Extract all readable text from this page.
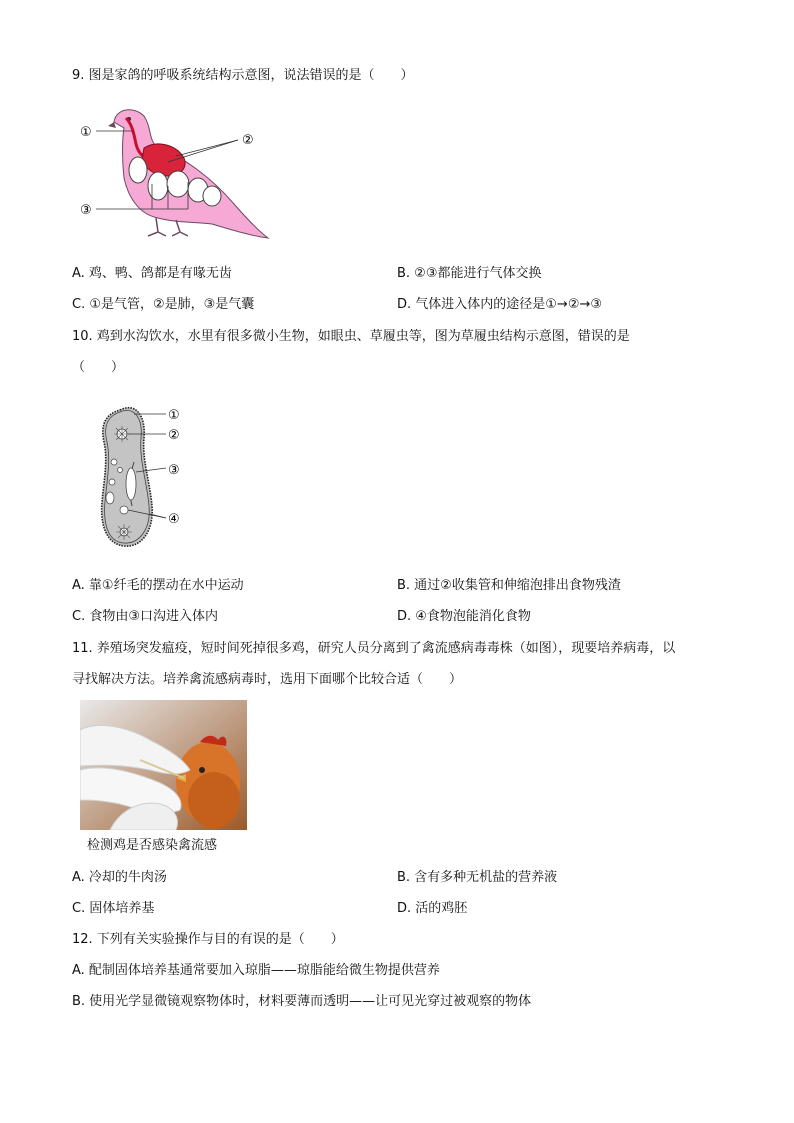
9. 图是家鸽的呼吸系统结构示意图，说法错误的是（　　）
①
②
③
A. 鸡、鸭、鸽都是有喙无齿	B. ②③都能进行气体交换
C. ①是气管，②是肺，③是气囊	D. 气体进入体内的途径是①→②→③
10. 鸡到水沟饮水，水里有很多微小生物，如眼虫、草履虫等，图为草履虫结构示意图，错误的是
（　　）
①
②
③
④
A. 靠①纤毛的摆动在水中运动	B. 通过②收集管和伸缩泡排出食物残渣
C. 食物由③口沟进入体内	D. ④食物泡能消化食物
11. 养殖场突发瘟疫，短时间死掉很多鸡，研究人员分离到了禽流感病毒毒株（如图），现要培养病毒，以
寻找解决方法。培养禽流感病毒时，选用下面哪个比较合适（　　）
检测鸡是否感染禽流感
A. 冷却的牛肉汤	B. 含有多种无机盐的营养液
C. 固体培养基	D. 活的鸡胚
12. 下列有关实验操作与目的有误的是（　　）
A. 配制固体培养基通常要加入琼脂——琼脂能给微生物提供营养
B. 使用光学显微镜观察物体时，材料要薄而透明——让可见光穿过被观察的物体
